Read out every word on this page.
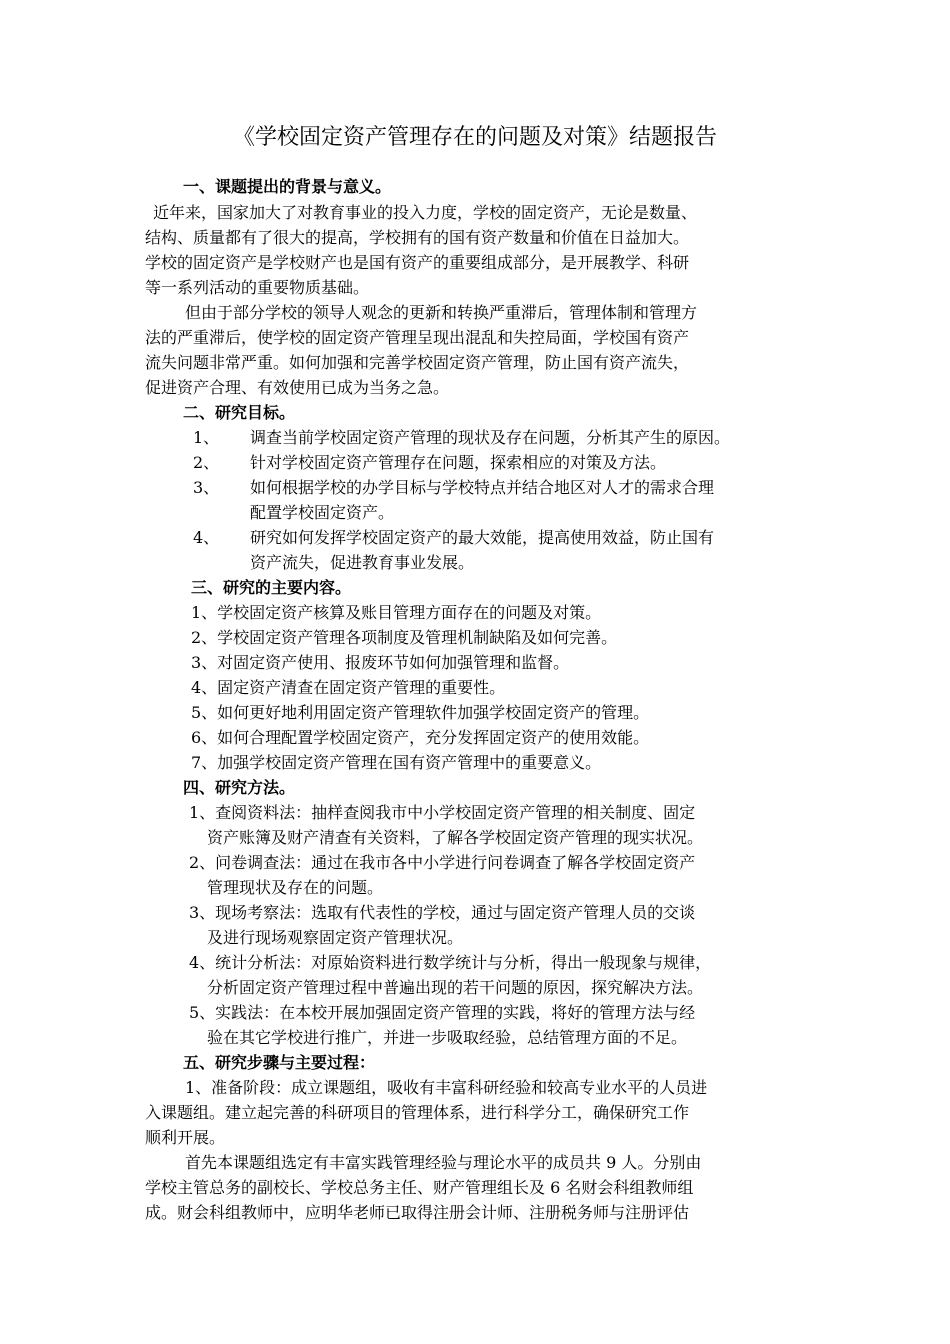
《学校固定资产管理存在的问题及对策》结题报告
一、课题提出的背景与意义。
近年来，国家加大了对教育事业的投入力度，学校的固定资产，无论是数量、
结构、质量都有了很大的提高，学校拥有的国有资产数量和价值在日益加大。
学校的固定资产是学校财产也是国有资产的重要组成部分，是开展教学、科研
等一系列活动的重要物质基础。
但由于部分学校的领导人观念的更新和转换严重滞后，管理体制和管理方
法的严重滞后，使学校的固定资产管理呈现出混乱和失控局面，学校国有资产
流失问题非常严重。如何加强和完善学校固定资产管理，防止国有资产流失，
促进资产合理、有效使用已成为当务之急。
二、研究目标。
1、 调查当前学校固定资产管理的现状及存在问题，分析其产生的原因。
2、 针对学校固定资产管理存在问题，探索相应的对策及方法。
3、 如何根据学校的办学目标与学校特点并结合地区对人才的需求合理
配置学校固定资产。
4、 研究如何发挥学校固定资产的最大效能，提高使用效益，防止国有
资产流失，促进教育事业发展。
三、研究的主要内容。
1、学校固定资产核算及账目管理方面存在的问题及对策。
2、学校固定资产管理各项制度及管理机制缺陷及如何完善。
3、对固定资产使用、报废环节如何加强管理和监督。
4、固定资产清查在固定资产管理的重要性。
5、如何更好地利用固定资产管理软件加强学校固定资产的管理。
6、如何合理配置学校固定资产，充分发挥固定资产的使用效能。
7、加强学校固定资产管理在国有资产管理中的重要意义。
四、研究方法。
1、查阅资料法：抽样查阅我市中小学校固定资产管理的相关制度、固定
资产账簿及财产清查有关资料，了解各学校固定资产管理的现实状况。
2、问卷调查法：通过在我市各中小学进行问卷调查了解各学校固定资产
管理现状及存在的问题。
3、现场考察法：选取有代表性的学校，通过与固定资产管理人员的交谈
及进行现场观察固定资产管理状况。
4、统计分析法：对原始资料进行数学统计与分析，得出一般现象与规律，
分析固定资产管理过程中普遍出现的若干问题的原因，探究解决方法。
5、实践法：在本校开展加强固定资产管理的实践，将好的管理方法与经
验在其它学校进行推广，并进一步吸取经验，总结管理方面的不足。
五、研究步骤与主要过程：
1、准备阶段：成立课题组，吸收有丰富科研经验和较高专业水平的人员进
入课题组。建立起完善的科研项目的管理体系，进行科学分工，确保研究工作
顺利开展。
首先本课题组选定有丰富实践管理经验与理论水平的成员共 9 人。分别由
学校主管总务的副校长、学校总务主任、财产管理组长及 6 名财会科组教师组
成。财会科组教师中，应明华老师已取得注册会计师、注册税务师与注册评估
